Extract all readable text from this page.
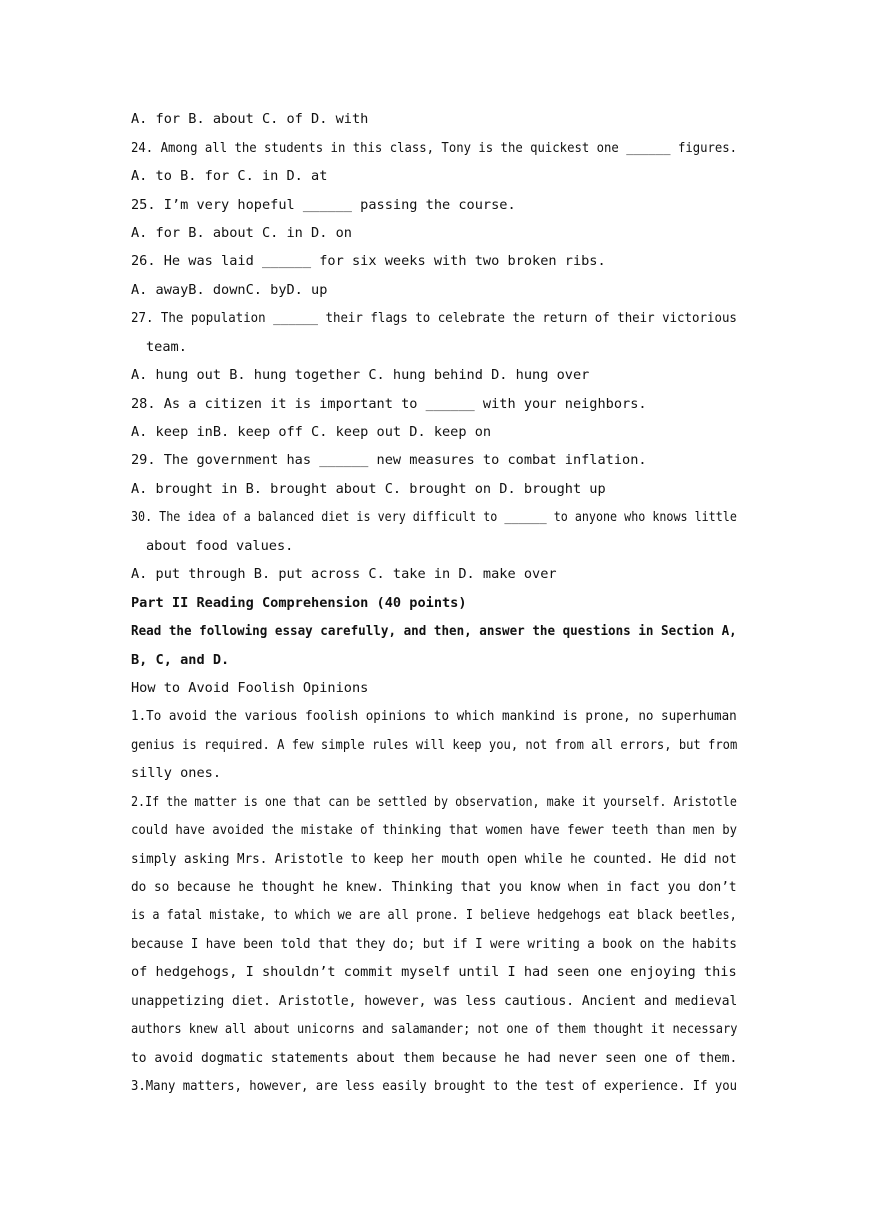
A. for B. about C. of D. with
24. Among all the students in this class, Tony is the quickest one ______ figures.
A. to B. for C. in D. at
25. I’m very hopeful ______ passing the course.
A. for B. about C. in D. on
26. He was laid ______ for six weeks with two broken ribs.
A. awayB. downC. byD. up
27. The population ______ their flags to celebrate the return of their victorious
team.
A. hung out B. hung together C. hung behind D. hung over
28. As a citizen it is important to ______ with your neighbors.
A. keep inB. keep off C. keep out D. keep on
29. The government has ______ new measures to combat inflation.
A. brought in B. brought about C. brought on D. brought up
30. The idea of a balanced diet is very difficult to ______ to anyone who knows little
about food values.
A. put through B. put across C. take in D. make over
Part II Reading Comprehension (40 points)
Read the following essay carefully, and then, answer the questions in Section A,
B, C, and D.
How to Avoid Foolish Opinions
1.To avoid the various foolish opinions to which mankind is prone, no superhuman
genius is required. A few simple rules will keep you, not from all errors, but from
silly ones.
2.If the matter is one that can be settled by observation, make it yourself. Aristotle
could have avoided the mistake of thinking that women have fewer teeth than men by
simply asking Mrs. Aristotle to keep her mouth open while he counted. He did not
do so because he thought he knew. Thinking that you know when in fact you don’t
is a fatal mistake, to which we are all prone. I believe hedgehogs eat black beetles,
because I have been told that they do; but if I were writing a book on the habits
of hedgehogs, I shouldn’t commit myself until I had seen one enjoying this
unappetizing diet. Aristotle, however, was less cautious. Ancient and medieval
authors knew all about unicorns and salamander; not one of them thought it necessary
to avoid dogmatic statements about them because he had never seen one of them.
3.Many matters, however, are less easily brought to the test of experience. If you
